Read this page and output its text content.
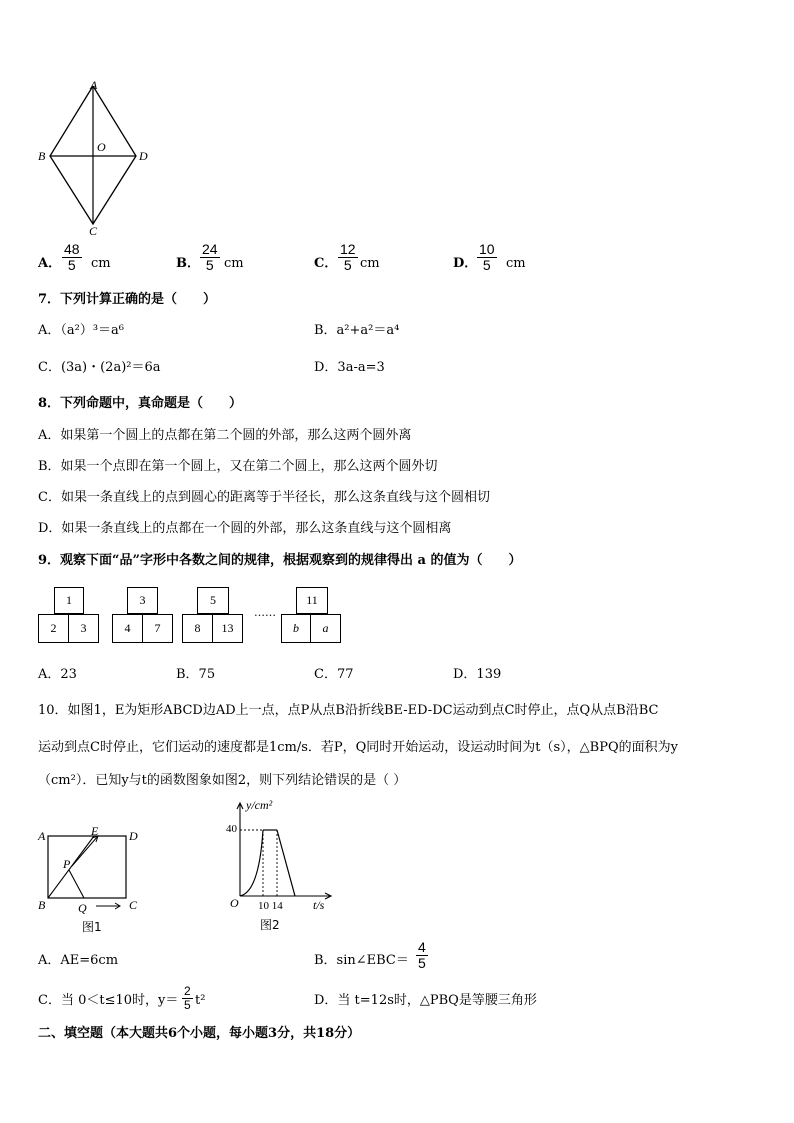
A
B
O
D
C
A．
48
5 cm	B．
24
5 cm	C．
12
5 cm	D．
10
5 cm
7．下列计算正确的是（　　）
A．（a²）³＝a⁶	B．a²+a²＝a⁴
C．(3a)・(2a)²＝6a	D．3a-a=3
8．下列命题中，真命题是（　　）
A．如果第一个圆上的点都在第二个圆的外部，那么这两个圆外离
B．如果一个点即在第一个圆上，又在第二个圆上，那么这两个圆外切
C．如果一条直线上的点到圆心的距离等于半径长，那么这条直线与这个圆相切
D．如果一条直线上的点都在一个圆的外部，那么这条直线与这个圆相离
9．观察下面“品”字形中各数之间的规律，根据观察到的规律得出 a 的值为（　　）
1
2	3
3
4	7
5
8	13
……
11
b	a
A．23	B．75	C．77	D．139
10．如图1，E为矩形ABCD边AD上一点，点P从点B沿折线BE-ED-DC运动到点C时停止，点Q从点B沿BC
运动到点C时停止，它们运动的速度都是1cm/s．若P，Q同时开始运动，设运动时间为t（s），△BPQ的面积为y
（cm²）．已知y与t的函数图象如图2，则下列结论错误的是（ ）
A	E	D
P
B	Q	C
图1
y/cm²
40
O 10 14	t/s
图2
A．AE=6cm	B．sin∠EBC＝
4
5
C．当 0＜t≤10时，y＝
2
5 t²	D．当 t=12s时，△PBQ是等腰三角形
二、填空题（本大题共6个小题，每小题3分，共18分）
